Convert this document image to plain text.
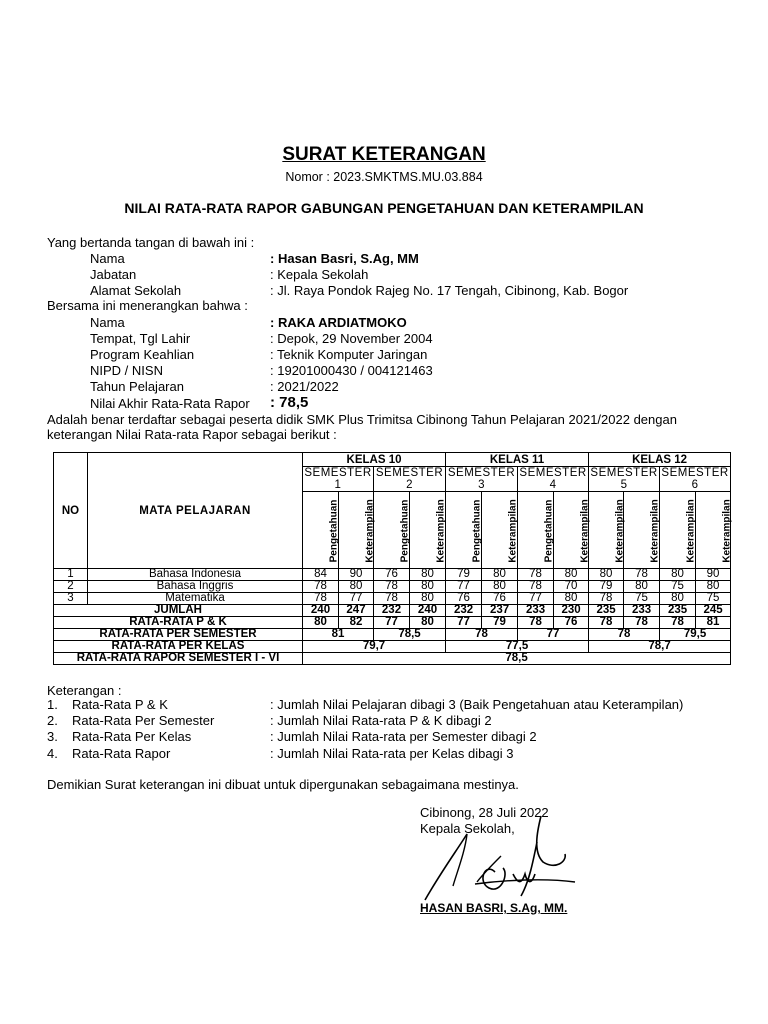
SURAT KETERANGAN
Nomor : 2023.SMKTMS.MU.03.884
NILAI RATA-RATA RAPOR GABUNGAN PENGETAHUAN DAN KETERAMPILAN
Yang bertanda tangan di bawah ini :
Nama	: Hasan Basri, S.Ag, MM
Jabatan	: Kepala Sekolah
Alamat Sekolah	: Jl. Raya Pondok Rajeg No. 17 Tengah, Cibinong, Kab. Bogor
Bersama ini menerangkan bahwa :
Nama	: RAKA ARDIATMOKO
Tempat, Tgl Lahir	: Depok, 29 November 2004
Program Keahlian	: Teknik Komputer Jaringan
NIPD / NISN	: 19201000430 / 004121463
Tahun Pelajaran	: 2021/2022
Nilai Akhir Rata-Rata Rapor : 78,5
Adalah benar terdaftar sebagai peserta didik SMK Plus Trimitsa Cibinong Tahun Pelajaran 2021/2022 dengan
keterangan Nilai Rata-rata Rapor sebagai berikut :
NO	MATA PELAJARAN	KELAS 10				KELAS 11				KELAS 12			
		SEMESTER 1		SEMESTER 2		SEMESTER 3		SEMESTER 4		SEMESTER 5		SEMESTER 6	
		Pengetahuan	Keterampilan	Pengetahuan	Keterampilan	Pengetahuan	Keterampilan	Pengetahuan	Keterampilan	Keterampilan	Keterampilan	Keterampilan	Keterampilan
1	Bahasa Indonesia	84	90	76	80	79	80	78	80	80	78	80	90
2	Bahasa Inggris	78	80	78	80	77	80	78	70	79	80	75	80
3	Matematika	78	77	78	80	76	76	77	80	78	75	80	75
JUMLAH		240	247	232	240	232	237	233	230	235	233	235	245
RATA-RATA P & K		80	82	77	80	77	79	78	76	78	78	78	81
RATA-RATA PER SEMESTER		81		78,5		78		77		78		79,5	
RATA-RATA PER KELAS		79,7				77,5				78,7			
RATA-RATA RAPOR SEMESTER I - VI		78,5											
Keterangan :
1. Rata-Rata P & K	: Jumlah Nilai Pelajaran dibagi 3 (Baik Pengetahuan atau Keterampilan)
2. Rata-Rata Per Semester	: Jumlah Nilai Rata-rata P & K dibagi 2
3. Rata-Rata Per Kelas	: Jumlah Nilai Rata-rata per Semester dibagi 2
4. Rata-Rata Rapor	: Jumlah Nilai Rata-rata per Kelas dibagi 3
Demikian Surat keterangan ini dibuat untuk dipergunakan sebagaimana mestinya.
Cibinong, 28 Juli 2022
Kepala Sekolah,
HASAN BASRI, S.Ag, MM.
